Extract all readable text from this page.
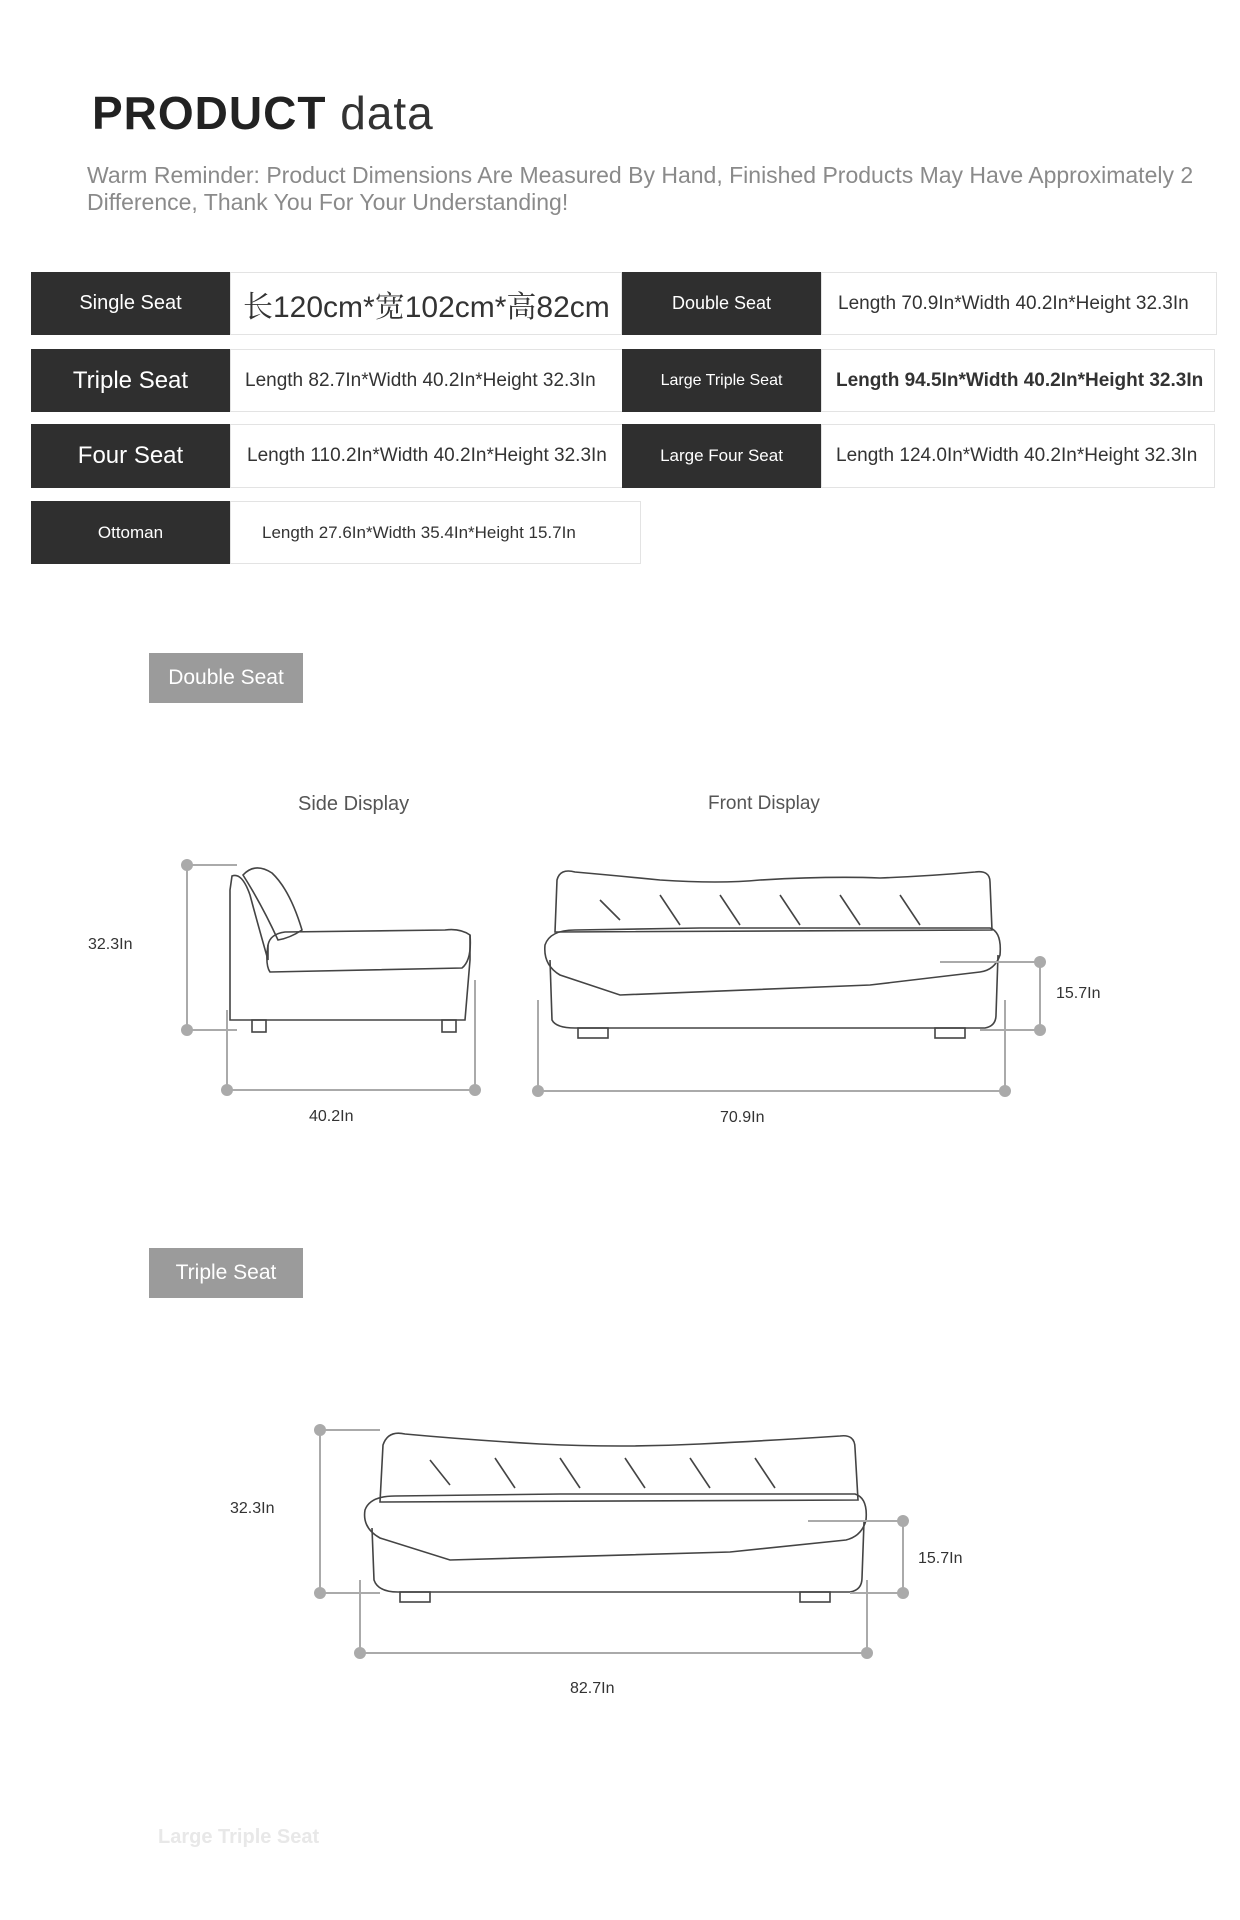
PRODUCT data
Warm Reminder: Product Dimensions Are Measured By Hand, Finished Products May Have Approximately 2
Difference, Thank You For Your Understanding!
Single Seat	长120cm*宽102cm*高82cm	Double Seat	Length 70.9In*Width 40.2In*Height 32.3In
Triple Seat	Length 82.7In*Width 40.2In*Height 32.3In	Large Triple Seat	Length 94.5In*Width 40.2In*Height 32.3In
Four Seat	Length 110.2In*Width 40.2In*Height 32.3In	Large Four Seat	Length 124.0In*Width 40.2In*Height 32.3In
Ottoman	Length 27.6In*Width 35.4In*Height 15.7In
Double Seat
Side Display	Front Display
32.3In
40.2In	70.9In
15.7In
Triple Seat
32.3In
82.7In
15.7In
Large Triple Seat
